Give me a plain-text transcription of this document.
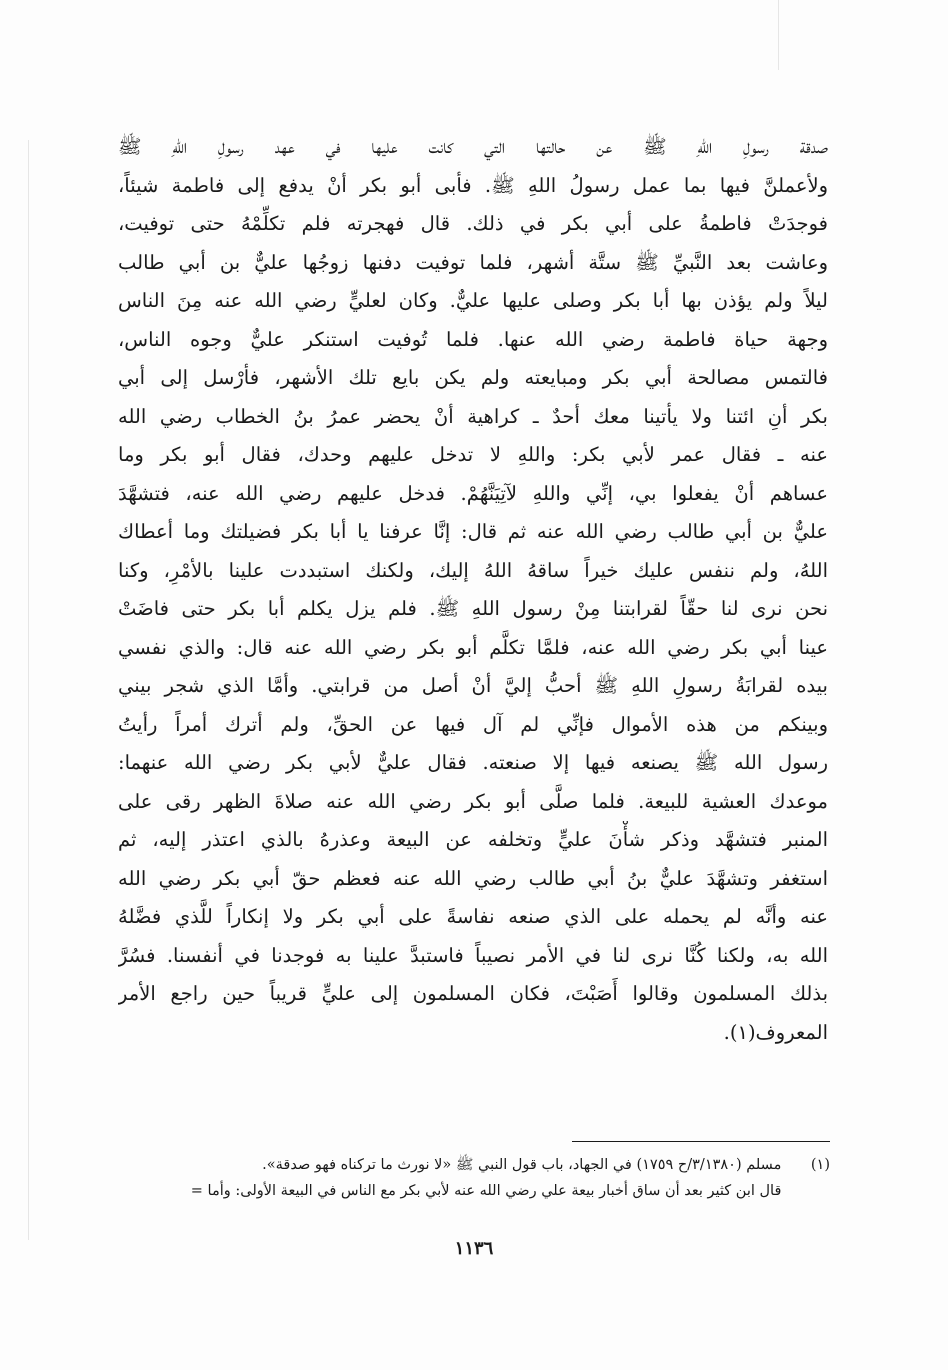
صدقة رسولِ اللهِ ﷺ عن حالتها التي كانت عليها في عهد رسولِ اللهِ ﷺ
ولأعملنَّ فيها بما عمل رسولُ اللهِ ﷺ. فأبى أبو بكر أنْ يدفع إلى فاطمة شيئاً،
فوجدَتْ فاطمةُ على أبي بكر في ذلك. قال فهجرته فلم تكلِّمْهُ حتى توفيت،
وعاشت بعد النَّبيِّ ﷺ ستَّة أشهر، فلما توفيت دفنها زوجُها عليٌّ بن أبي طالب
ليلاً ولم يؤذن بها أبا بكر وصلى عليها عليٌّ. وكان لعليٍّ رضي الله عنه مِنَ الناس
وجهة حياة فاطمة رضي الله عنها. فلما تُوفيت استنكر عليٌّ وجوه الناس،
فالتمس مصالحة أبي بكر ومبايعته ولم يكن بايع تلك الأشهر، فأرْسل إلى أبي
بكر أنِ ائتنا ولا يأتينا معك أحدٌ ـ كراهية أنْ يحضر عمرُ بنُ الخطاب رضي الله
عنه ـ فقال عمر لأبي بكر: واللهِ لا تدخل عليهم وحدك، فقال أبو بكر وما
عساهم أنْ يفعلوا بي، إنِّي واللهِ لآتِيَنَّهُمْ. فدخل عليهم رضي الله عنه، فتشهَّدَ
عليٌّ بن أبي طالب رضي الله عنه ثم قال: إنَّا عرفنا يا أبا بكر فضيلتك وما أعطاك
اللهُ، ولم ننفس عليك خيراً ساقهُ اللهُ إليك، ولكنك استبددت علينا بالأمْرِ، وكنا
نحن نرى لنا حقّاً لقرابتنا مِنْ رسول اللهِ ﷺ. فلم يزل يكلم أبا بكر حتى فاضَتْ
عينا أبي بكر رضي الله عنه، فلمَّا تكلَّم أبو بكر رضي الله عنه قال: والذي نفسي
بيده لقرابَةُ رسولِ اللهِ ﷺ أحبُّ إليَّ أنْ أصل من قرابتي. وأمَّا الذي شجر بيني
وبينكم من هذه الأموال فإنِّي لم آل فيها عن الحقِّ، ولم أترك أمراً رأيتُ
رسول الله ﷺ يصنعه فيها إلا صنعته. فقال عليٌّ لأبي بكر رضي الله عنهما:
موعدك العشية للبيعة. فلما صلَّى أبو بكر رضي الله عنه صلاةَ الظهر رقى على
المنبر فتشهَّد وذكر شأْنَ عليٍّ وتخلفه عن البيعة وعذرهُ بالذي اعتذر إليه، ثم
استغفر وتشهَّدَ عليٌّ بنُ أبي طالب رضي الله عنه فعظم حقّ أبي بكر رضي الله
عنه وأنَّه لم يحمله على الذي صنعه نفاسةً على أبي بكر ولا إنكاراً للَّذي فضَّلهُ
الله به، ولكنا كُنَّا نرى لنا في الأمر نصيباً فاستبدَّ علينا به فوجدنا في أنفسنا. فسُرَّ
بذلك المسلمون وقالوا أَصَبْتَ، فكان المسلمون إلى عليٍّ قريباً حين راجع الأمر
المعروف(١).
(١) مسلم (٣/١٣٨٠/ح ١٧٥٩) في الجهاد، باب قول النبي ﷺ «لا نورث ما تركناه فهو صدقة».
قال ابن كثير بعد أن ساق أخبار بيعة علي رضي الله عنه لأبي بكر مع الناس في البيعة الأولى: وأما =
١١٣٦
